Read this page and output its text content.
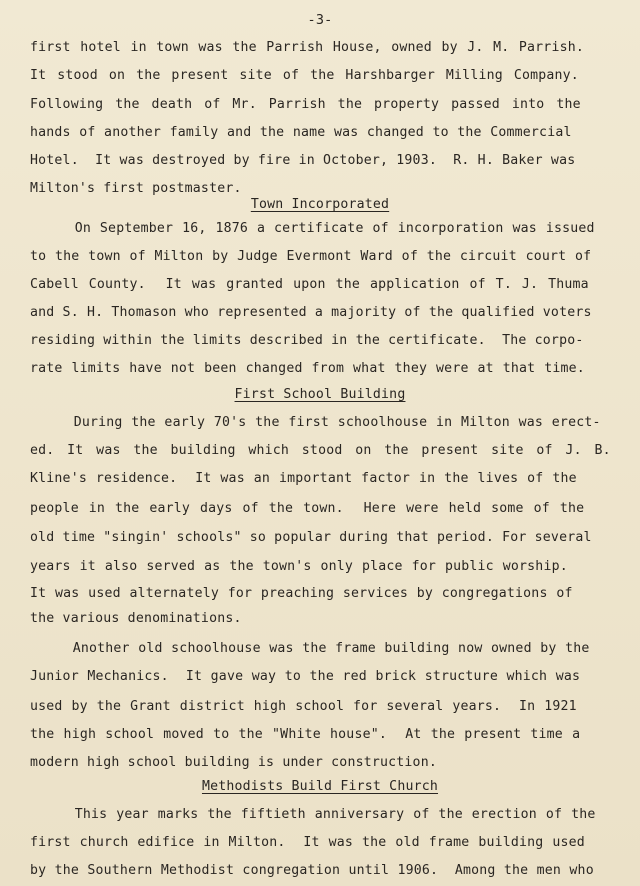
-3-
first hotel in town was the Parrish House, owned by J. M. Parrish.
It stood on the present site of the Harshbarger Milling Company.
Following the death of Mr. Parrish the property passed into the
hands of another family and the name was changed to the Commercial
Hotel.  It was destroyed by fire in October, 1903.  R. H. Baker was
Milton's first postmaster.
Town Incorporated
On September 16, 1876 a certificate of incorporation was issued
to the town of Milton by Judge Evermont Ward of the circuit court of
Cabell County.  It was granted upon the application of T. J. Thuma
and S. H. Thomason who represented a majority of the qualified voters
residing within the limits described in the certificate.  The corpo-
rate limits have not been changed from what they were at that time.
First School Building
During the early 70's the first schoolhouse in Milton was erect-
ed. It was the building which stood on the present site of J. B.
Kline's residence.  It was an important factor in the lives of the
people in the early days of the town.  Here were held some of the
old time "singin' schools" so popular during that period. For several
years it also served as the town's only place for public worship.
It was used alternately for preaching services by congregations of
the various denominations.
Another old schoolhouse was the frame building now owned by the
Junior Mechanics.  It gave way to the red brick structure which was
used by the Grant district high school for several years.  In 1921
the high school moved to the "White house".  At the present time a
modern high school building is under construction.
Methodists Build First Church
This year marks the fiftieth anniversary of the erection of the
first church edifice in Milton.  It was the old frame building used
by the Southern Methodist congregation until 1906.  Among the men who
